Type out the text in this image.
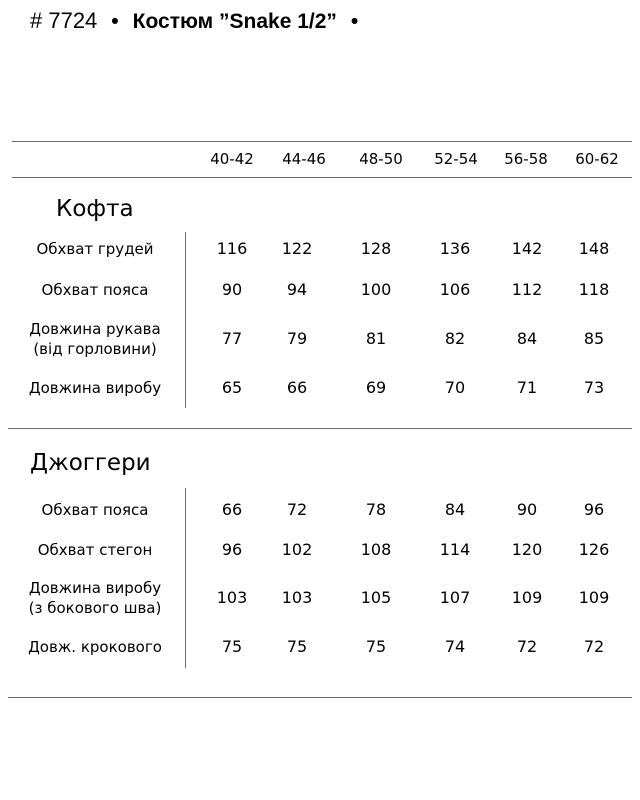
# 7724 • Костюм ”Snake 1/2” •
40-42 44-46 48-50 52-54 56-58 60-62
Кофта
Джоггери
Обхват грудей	116 122	128	136	142 148
Обхват пояса	90	94	100	106	112 118
Довжина рукава
(від горловини)
77	79	81	82	84	85
Довжина виробу	65	66	69	70	71	73
Обхват пояса	66	72	78	84	90	96
Обхват стегон	96 102	108	114	120 126
Довжина виробу
(з бокового шва)
103 103	105	107	109 109
Довж. крокового	75	75	75	74	72	72
